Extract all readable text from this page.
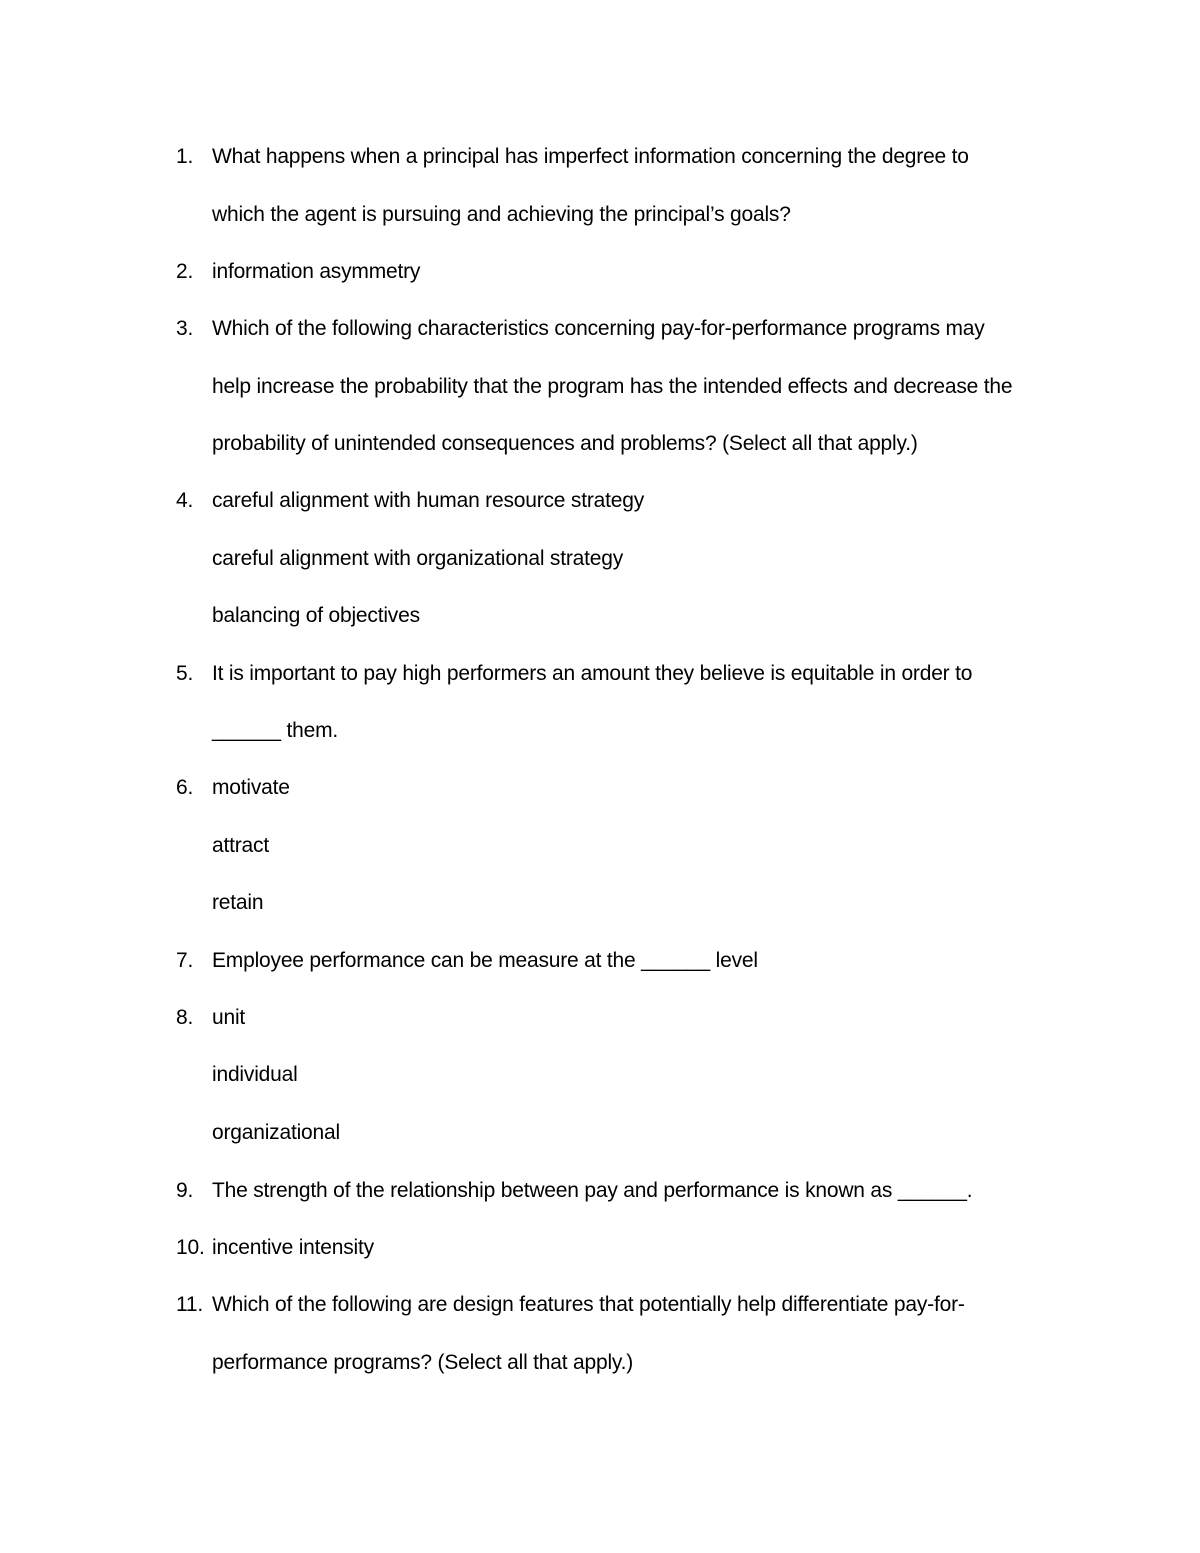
1. What happens when a principal has imperfect information concerning the degree to
which the agent is pursuing and achieving the principal’s goals?
2. information asymmetry
3. Which of the following characteristics concerning pay-for-performance programs may
help increase the probability that the program has the intended effects and decrease the
probability of unintended consequences and problems? (Select all that apply.)
4. careful alignment with human resource strategy
careful alignment with organizational strategy
balancing of objectives
5. It is important to pay high performers an amount they believe is equitable in order to
______ them.
6. motivate
attract
retain
7. Employee performance can be measure at the ______ level
8. unit
individual
organizational
9. The strength of the relationship between pay and performance is known as ______.
10. incentive intensity
11. Which of the following are design features that potentially help differentiate pay-for-
performance programs? (Select all that apply.)
